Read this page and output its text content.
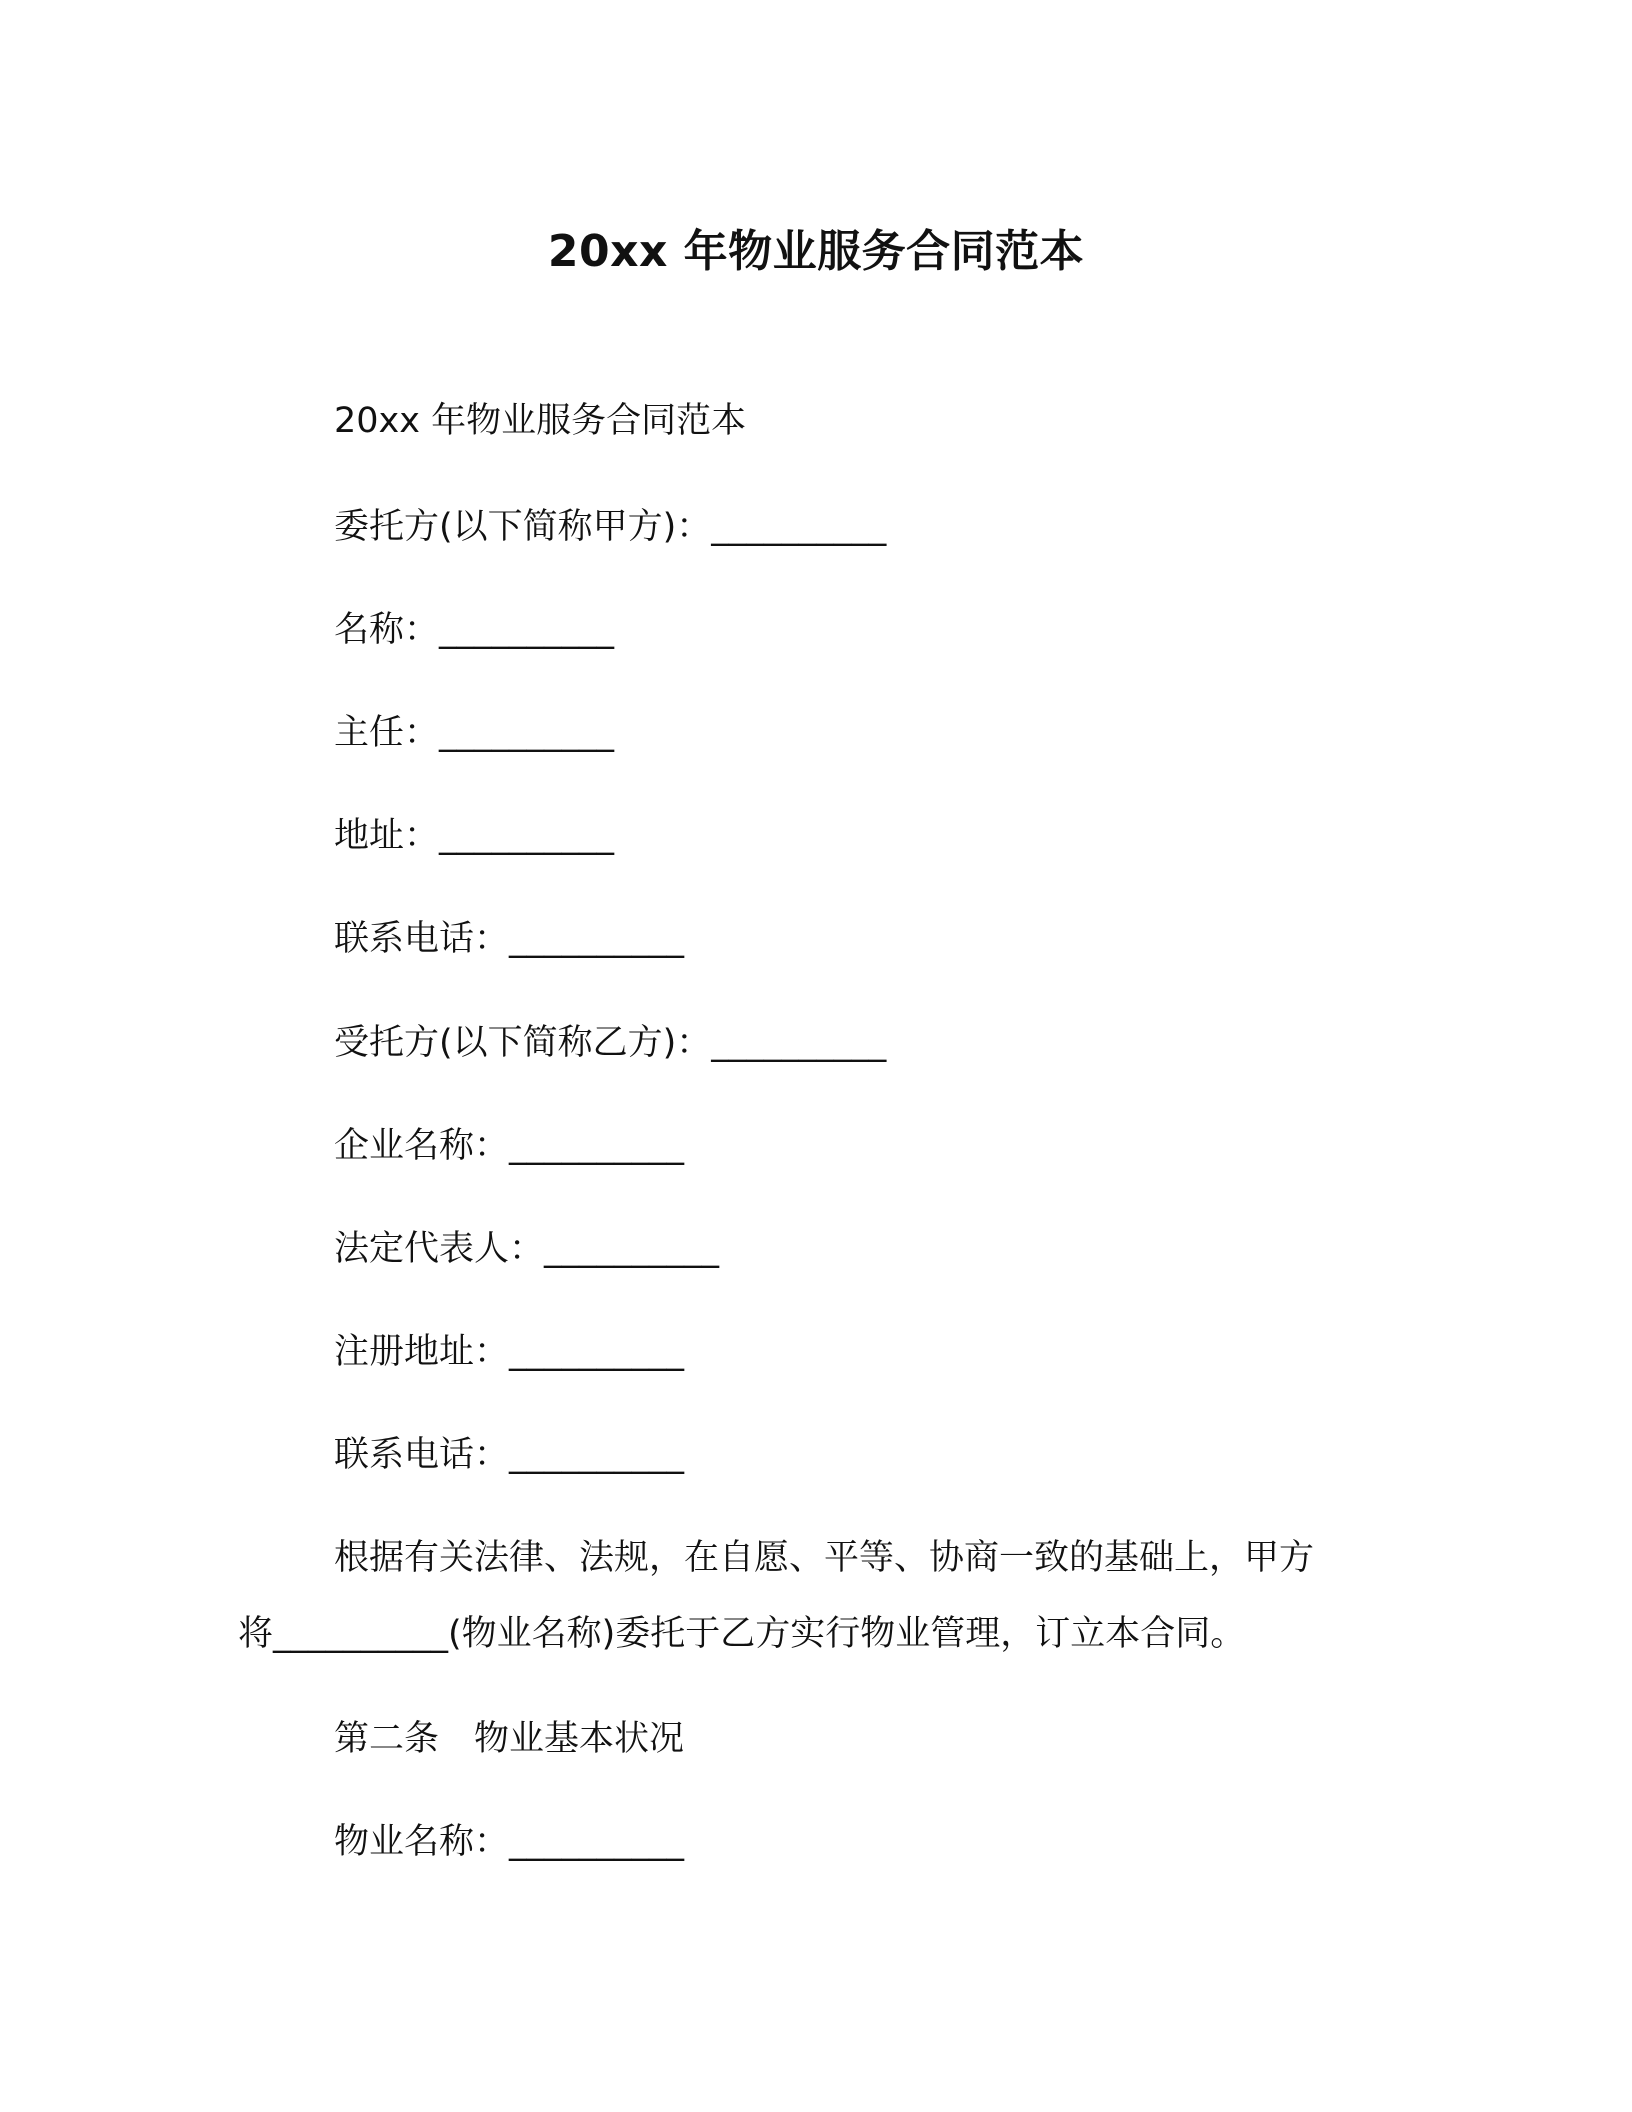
20xx 年物业服务合同范本
20xx 年物业服务合同范本
委托方(以下简称甲方)：__________
名称：__________
主任：__________
地址：__________
联系电话：__________
受托方(以下简称乙方)：__________
企业名称：__________
法定代表人：__________
注册地址：__________
联系电话：__________
根据有关法律、法规，在自愿、平等、协商一致的基础上，甲方
将__________(物业名称)委托于乙方实行物业管理，订立本合同。
第二条　物业基本状况
物业名称：__________
